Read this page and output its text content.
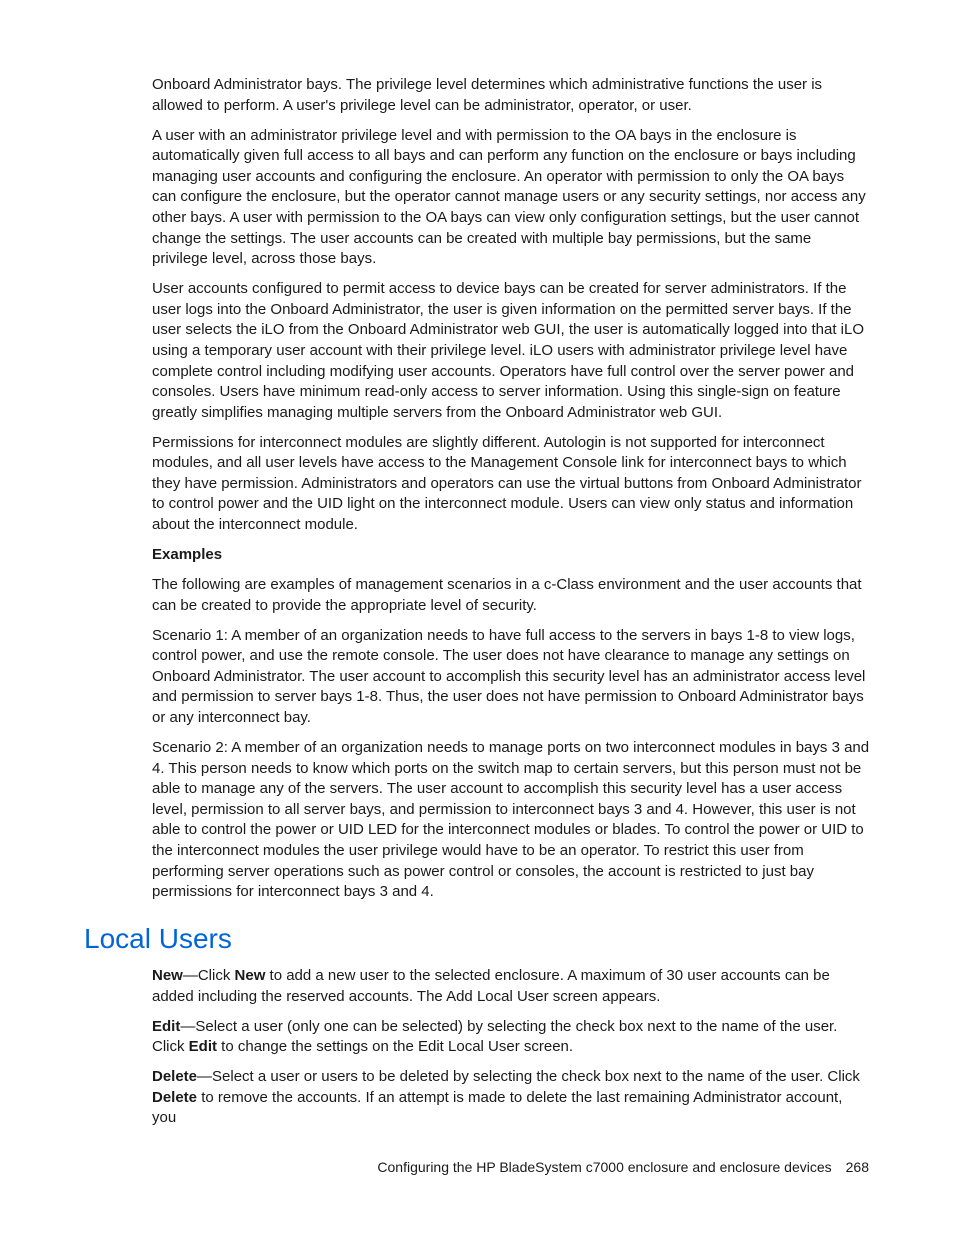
Onboard Administrator bays. The privilege level determines which administrative functions the user is allowed to perform. A user's privilege level can be administrator, operator, or user.

A user with an administrator privilege level and with permission to the OA bays in the enclosure is automatically given full access to all bays and can perform any function on the enclosure or bays including managing user accounts and configuring the enclosure. An operator with permission to only the OA bays can configure the enclosure, but the operator cannot manage users or any security settings, nor access any other bays. A user with permission to the OA bays can view only configuration settings, but the user cannot change the settings. The user accounts can be created with multiple bay permissions, but the same privilege level, across those bays.

User accounts configured to permit access to device bays can be created for server administrators. If the user logs into the Onboard Administrator, the user is given information on the permitted server bays. If the user selects the iLO from the Onboard Administrator web GUI, the user is automatically logged into that iLO using a temporary user account with their privilege level. iLO users with administrator privilege level have complete control including modifying user accounts. Operators have full control over the server power and consoles. Users have minimum read-only access to server information. Using this single-sign on feature greatly simplifies managing multiple servers from the Onboard Administrator web GUI.

Permissions for interconnect modules are slightly different. Autologin is not supported for interconnect modules, and all user levels have access to the Management Console link for interconnect bays to which they have permission. Administrators and operators can use the virtual buttons from Onboard Administrator to control power and the UID light on the interconnect module. Users can view only status and information about the interconnect module.

Examples

The following are examples of management scenarios in a c-Class environment and the user accounts that can be created to provide the appropriate level of security.

Scenario 1: A member of an organization needs to have full access to the servers in bays 1-8 to view logs, control power, and use the remote console. The user does not have clearance to manage any settings on Onboard Administrator. The user account to accomplish this security level has an administrator access level and permission to server bays 1-8. Thus, the user does not have permission to Onboard Administrator bays or any interconnect bay.

Scenario 2: A member of an organization needs to manage ports on two interconnect modules in bays 3 and 4. This person needs to know which ports on the switch map to certain servers, but this person must not be able to manage any of the servers. The user account to accomplish this security level has a user access level, permission to all server bays, and permission to interconnect bays 3 and 4. However, this user is not able to control the power or UID LED for the interconnect modules or blades. To control the power or UID to the interconnect modules the user privilege would have to be an operator. To restrict this user from performing server operations such as power control or consoles, the account is restricted to just bay permissions for interconnect bays 3 and 4.

Local Users

New—Click New to add a new user to the selected enclosure. A maximum of 30 user accounts can be added including the reserved accounts. The Add Local User screen appears.

Edit—Select a user (only one can be selected) by selecting the check box next to the name of the user. Click Edit to change the settings on the Edit Local User screen.

Delete—Select a user or users to be deleted by selecting the check box next to the name of the user. Click Delete to remove the accounts. If an attempt is made to delete the last remaining Administrator account, you

Configuring the HP BladeSystem c7000 enclosure and enclosure devices 268
